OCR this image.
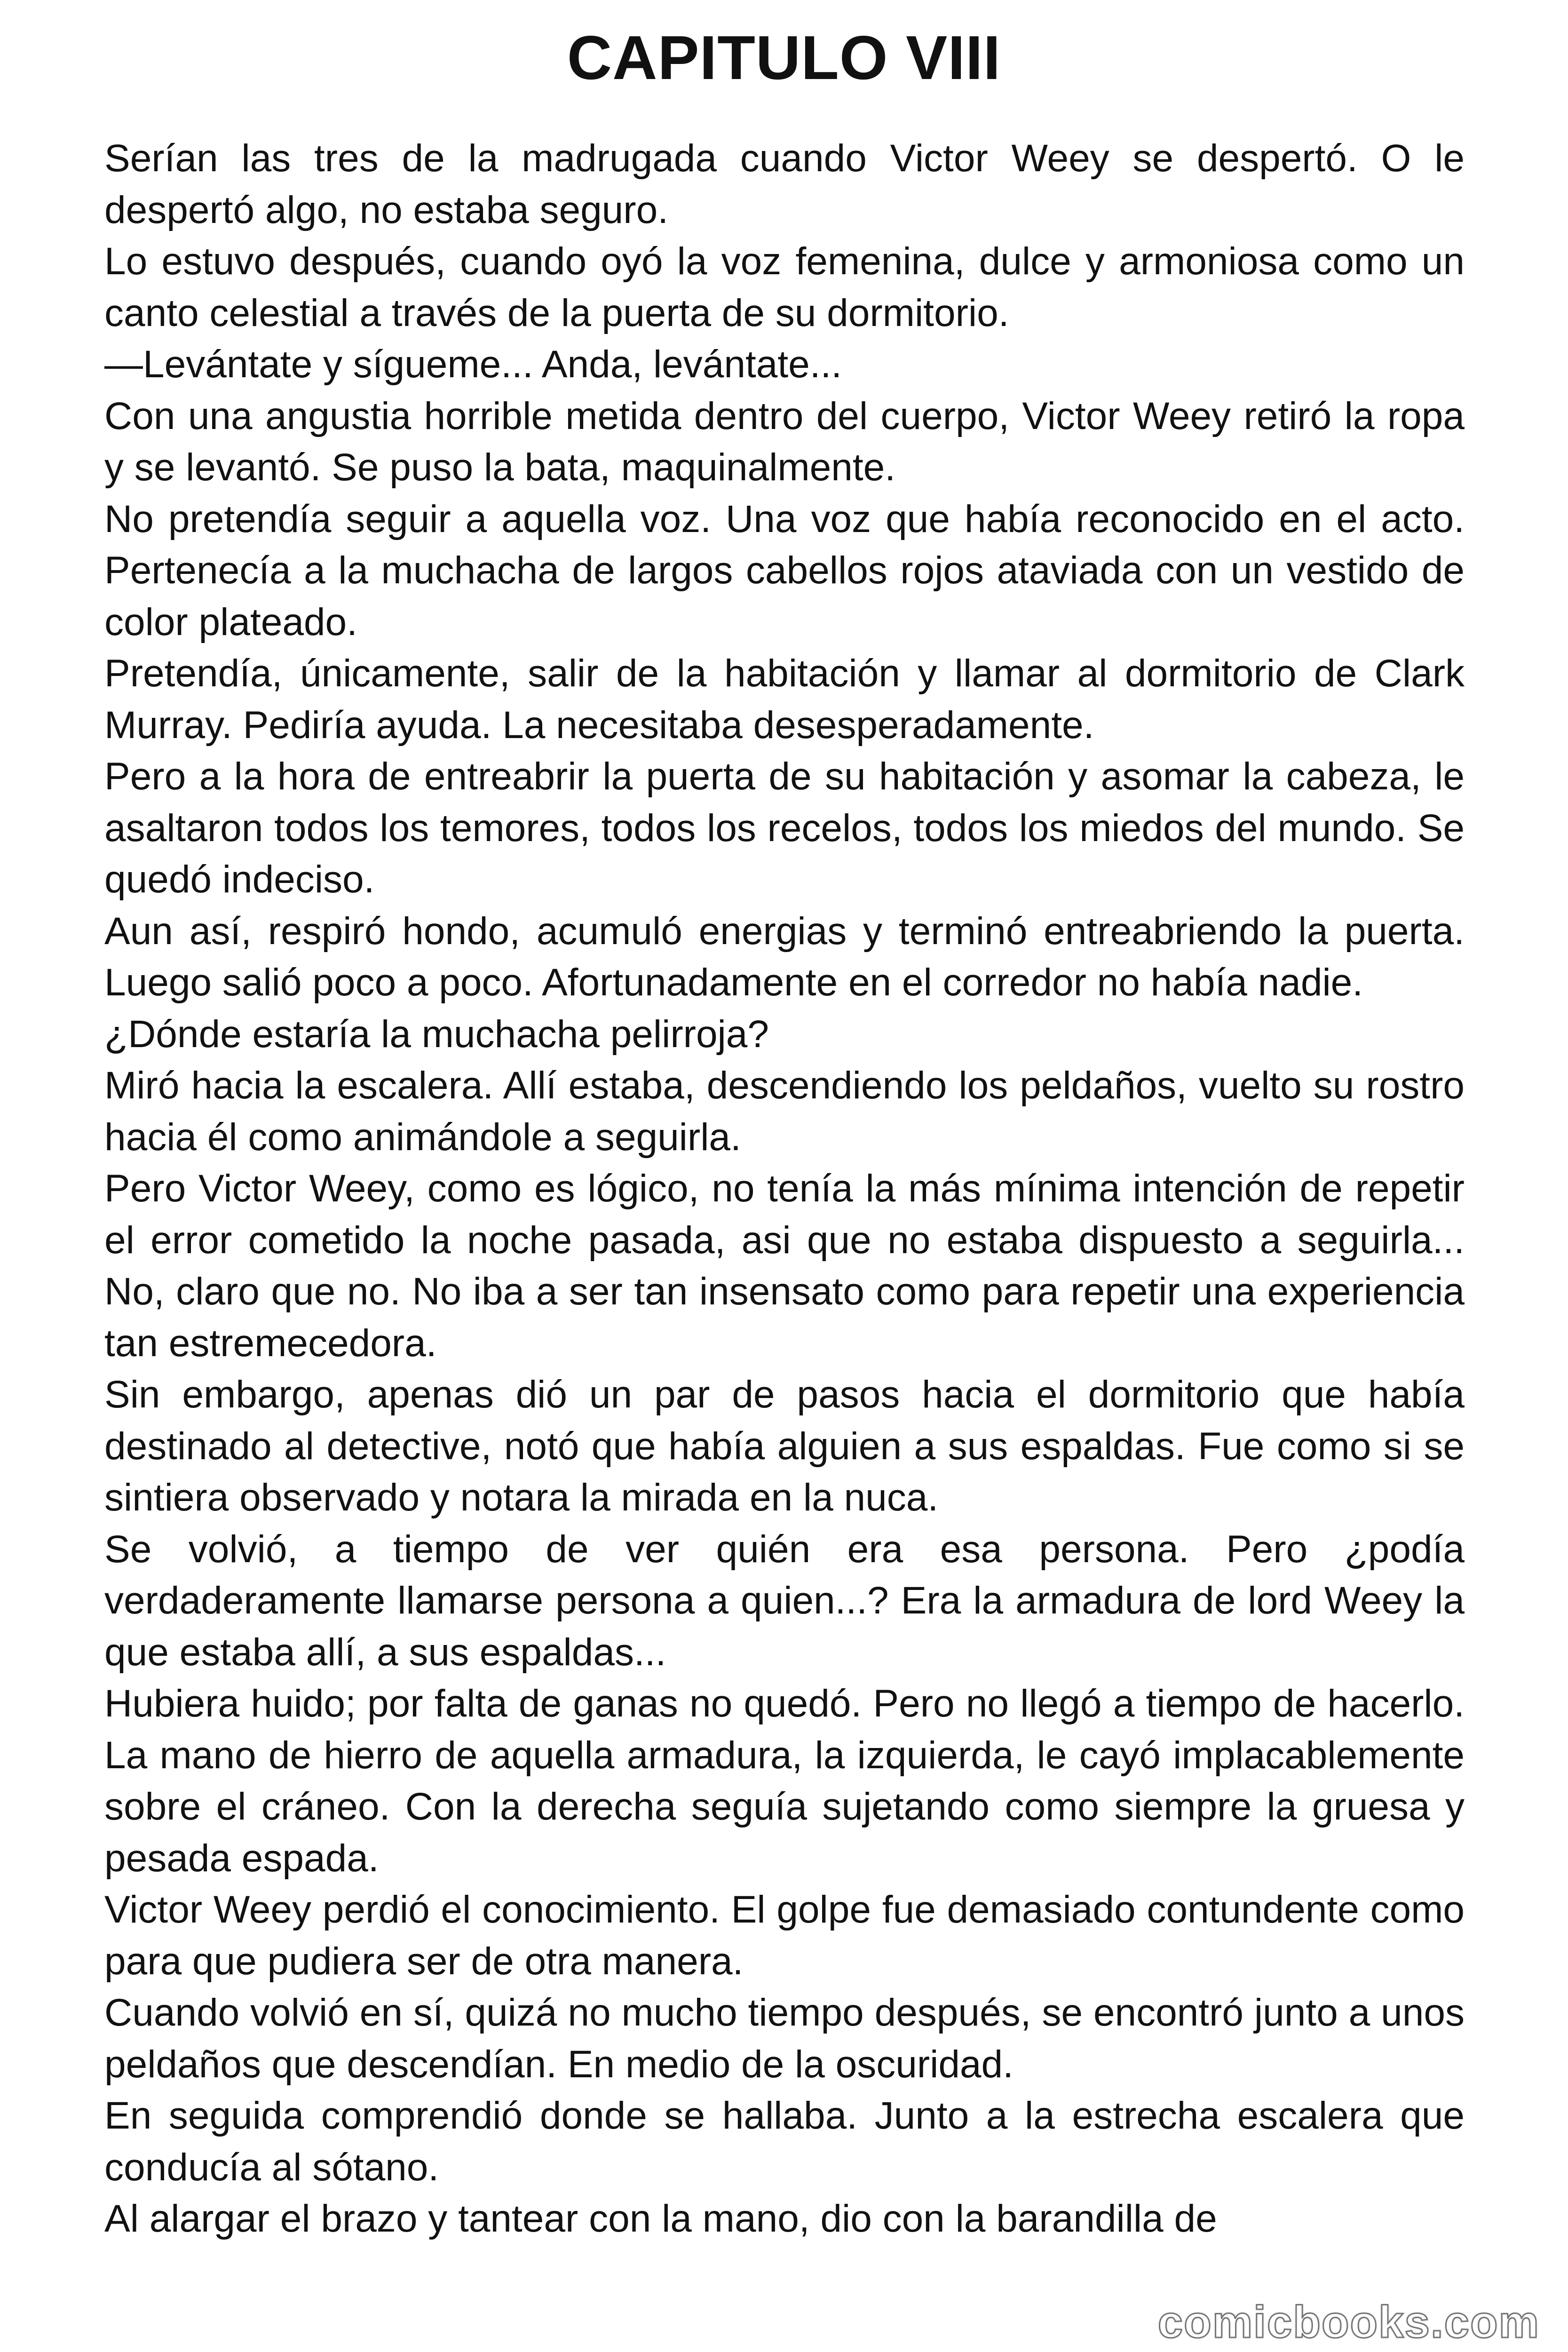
CAPITULO VIII

Serían las tres de la madrugada cuando Victor Weey se despertó. O le despertó algo, no estaba seguro.

Lo estuvo después, cuando oyó la voz femenina, dulce y armoniosa como un canto celestial a través de la puerta de su dormitorio.

—Levántate y sígueme... Anda, levántate...

Con una angustia horrible metida dentro del cuerpo, Victor Weey retiró la ropa y se levantó. Se puso la bata, maquinalmente.

No pretendía seguir a aquella voz. Una voz que había reconocido en el acto. Pertenecía a la muchacha de largos cabellos rojos ataviada con un vestido de color plateado.

Pretendía, únicamente, salir de la habitación y llamar al dormitorio de Clark Murray. Pediría ayuda. La necesitaba desesperadamente.

Pero a la hora de entreabrir la puerta de su habitación y asomar la cabeza, le asaltaron todos los temores, todos los recelos, todos los miedos del mundo. Se quedó indeciso.

Aun así, respiró hondo, acumuló energias y terminó entreabriendo la puerta. Luego salió poco a poco. Afortunadamente en el corredor no había nadie.

¿Dónde estaría la muchacha pelirroja?

Miró hacia la escalera. Allí estaba, descendiendo los peldaños, vuelto su rostro hacia él como animándole a seguirla.

Pero Victor Weey, como es lógico, no tenía la más mínima intención de repetir el error cometido la noche pasada, asi que no estaba dispuesto a seguirla... No, claro que no. No iba a ser tan insensato como para repetir una experiencia tan estremecedora.

Sin embargo, apenas dió un par de pasos hacia el dormitorio que había destinado al detective, notó que había alguien a sus espaldas. Fue como si se sintiera observado y notara la mirada en la nuca.

Se volvió, a tiempo de ver quién era esa persona. Pero ¿podía verdaderamente llamarse persona a quien...? Era la armadura de lord Weey la que estaba allí, a sus espaldas...

Hubiera huido; por falta de ganas no quedó. Pero no llegó a tiempo de hacerlo. La mano de hierro de aquella armadura, la izquierda, le cayó implacablemente sobre el cráneo. Con la derecha seguía sujetando como siempre la gruesa y pesada espada.

Victor Weey perdió el conocimiento. El golpe fue demasiado contundente como para que pudiera ser de otra manera.

Cuando volvió en sí, quizá no mucho tiempo después, se encontró junto a unos peldaños que descendían. En medio de la oscuridad.

En seguida comprendió donde se hallaba. Junto a la estrecha escalera que conducía al sótano.

Al alargar el brazo y tantear con la mano, dio con la barandilla de

comicbooks.com
